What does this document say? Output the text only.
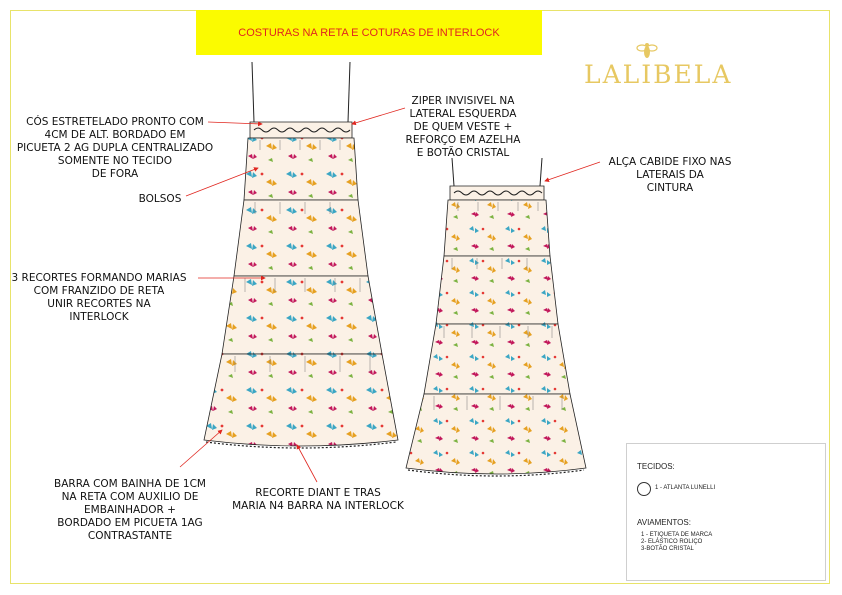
COSTURAS NA RETA E COTURAS DE INTERLOCK
LALIBELA
CÓS ESTRETELADO PRONTO COM
4CM DE ALT. BORDADO EM
PICUETA 2 AG DUPLA CENTRALIZADO
SOMENTE NO TECIDO
DE FORA
BOLSOS
3 RECORTES FORMANDO MARIAS
COM FRANZIDO DE RETA
UNIR RECORTES NA
INTERLOCK
BARRA COM BAINHA DE 1CM
NA RETA COM AUXILIO DE
EMBAINHADOR +
BORDADO EM PICUETA 1AG
CONTRASTANTE
ZIPER INVISIVEL NA
LATERAL ESQUERDA
DE QUEM VESTE +
REFORÇO EM AZELHA
E BOTÃO CRISTAL
ALÇA CABIDE FIXO NAS
LATERAIS DA
CINTURA
RECORTE DIANT E TRAS
MARIA N4 BARRA NA INTERLOCK
TECIDOS:
1 - ATLANTA LUNELLI
AVIAMENTOS:
1 - ETIQUETA DE MARCA
2- ELÁSTICO ROLIÇO
3-BOTÃO CRISTAL
